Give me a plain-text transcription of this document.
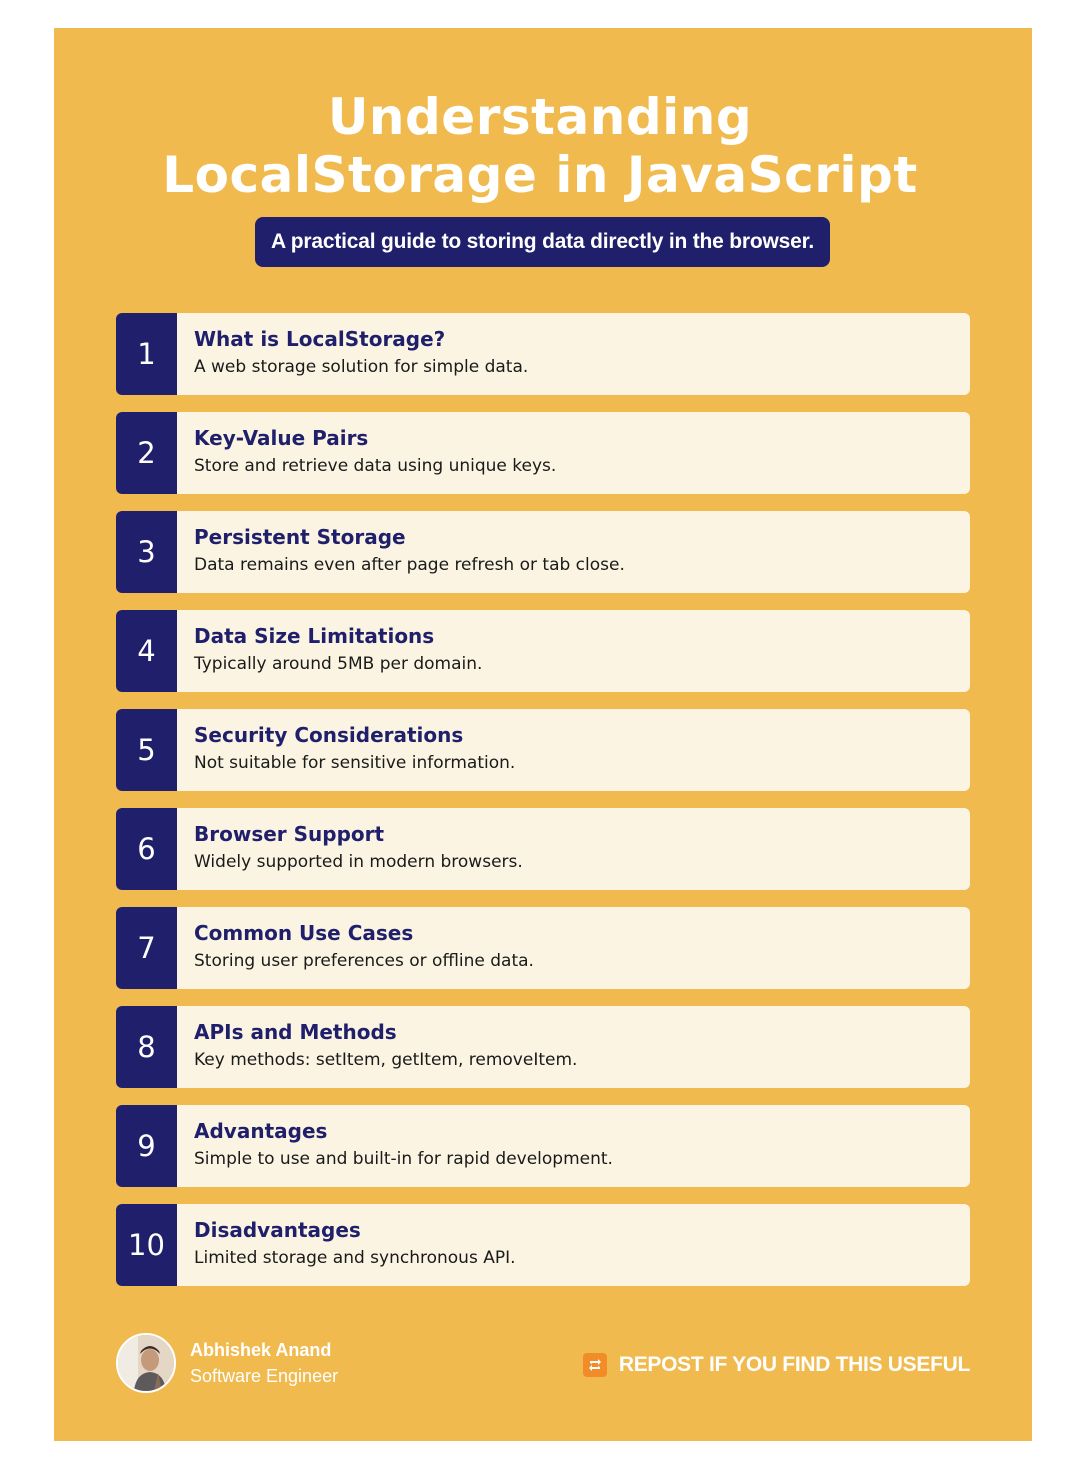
Understanding
LocalStorage in JavaScript
A practical guide to storing data directly in the browser.
1	What is LocalStorage?
A web storage solution for simple data.
2	Key-Value Pairs
Store and retrieve data using unique keys.
3	Persistent Storage
Data remains even after page refresh or tab close.
4	Data Size Limitations
Typically around 5MB per domain.
5	Security Considerations
Not suitable for sensitive information.
6	Browser Support
Widely supported in modern browsers.
7	Common Use Cases
Storing user preferences or offline data.
8	APIs and Methods
Key methods: setItem, getItem, removeItem.
9	Advantages
Simple to use and built-in for rapid development.
10	Disadvantages
Limited storage and synchronous API.
Abhishek Anand
Software Engineer	REPOST IF YOU FIND THIS USEFUL
